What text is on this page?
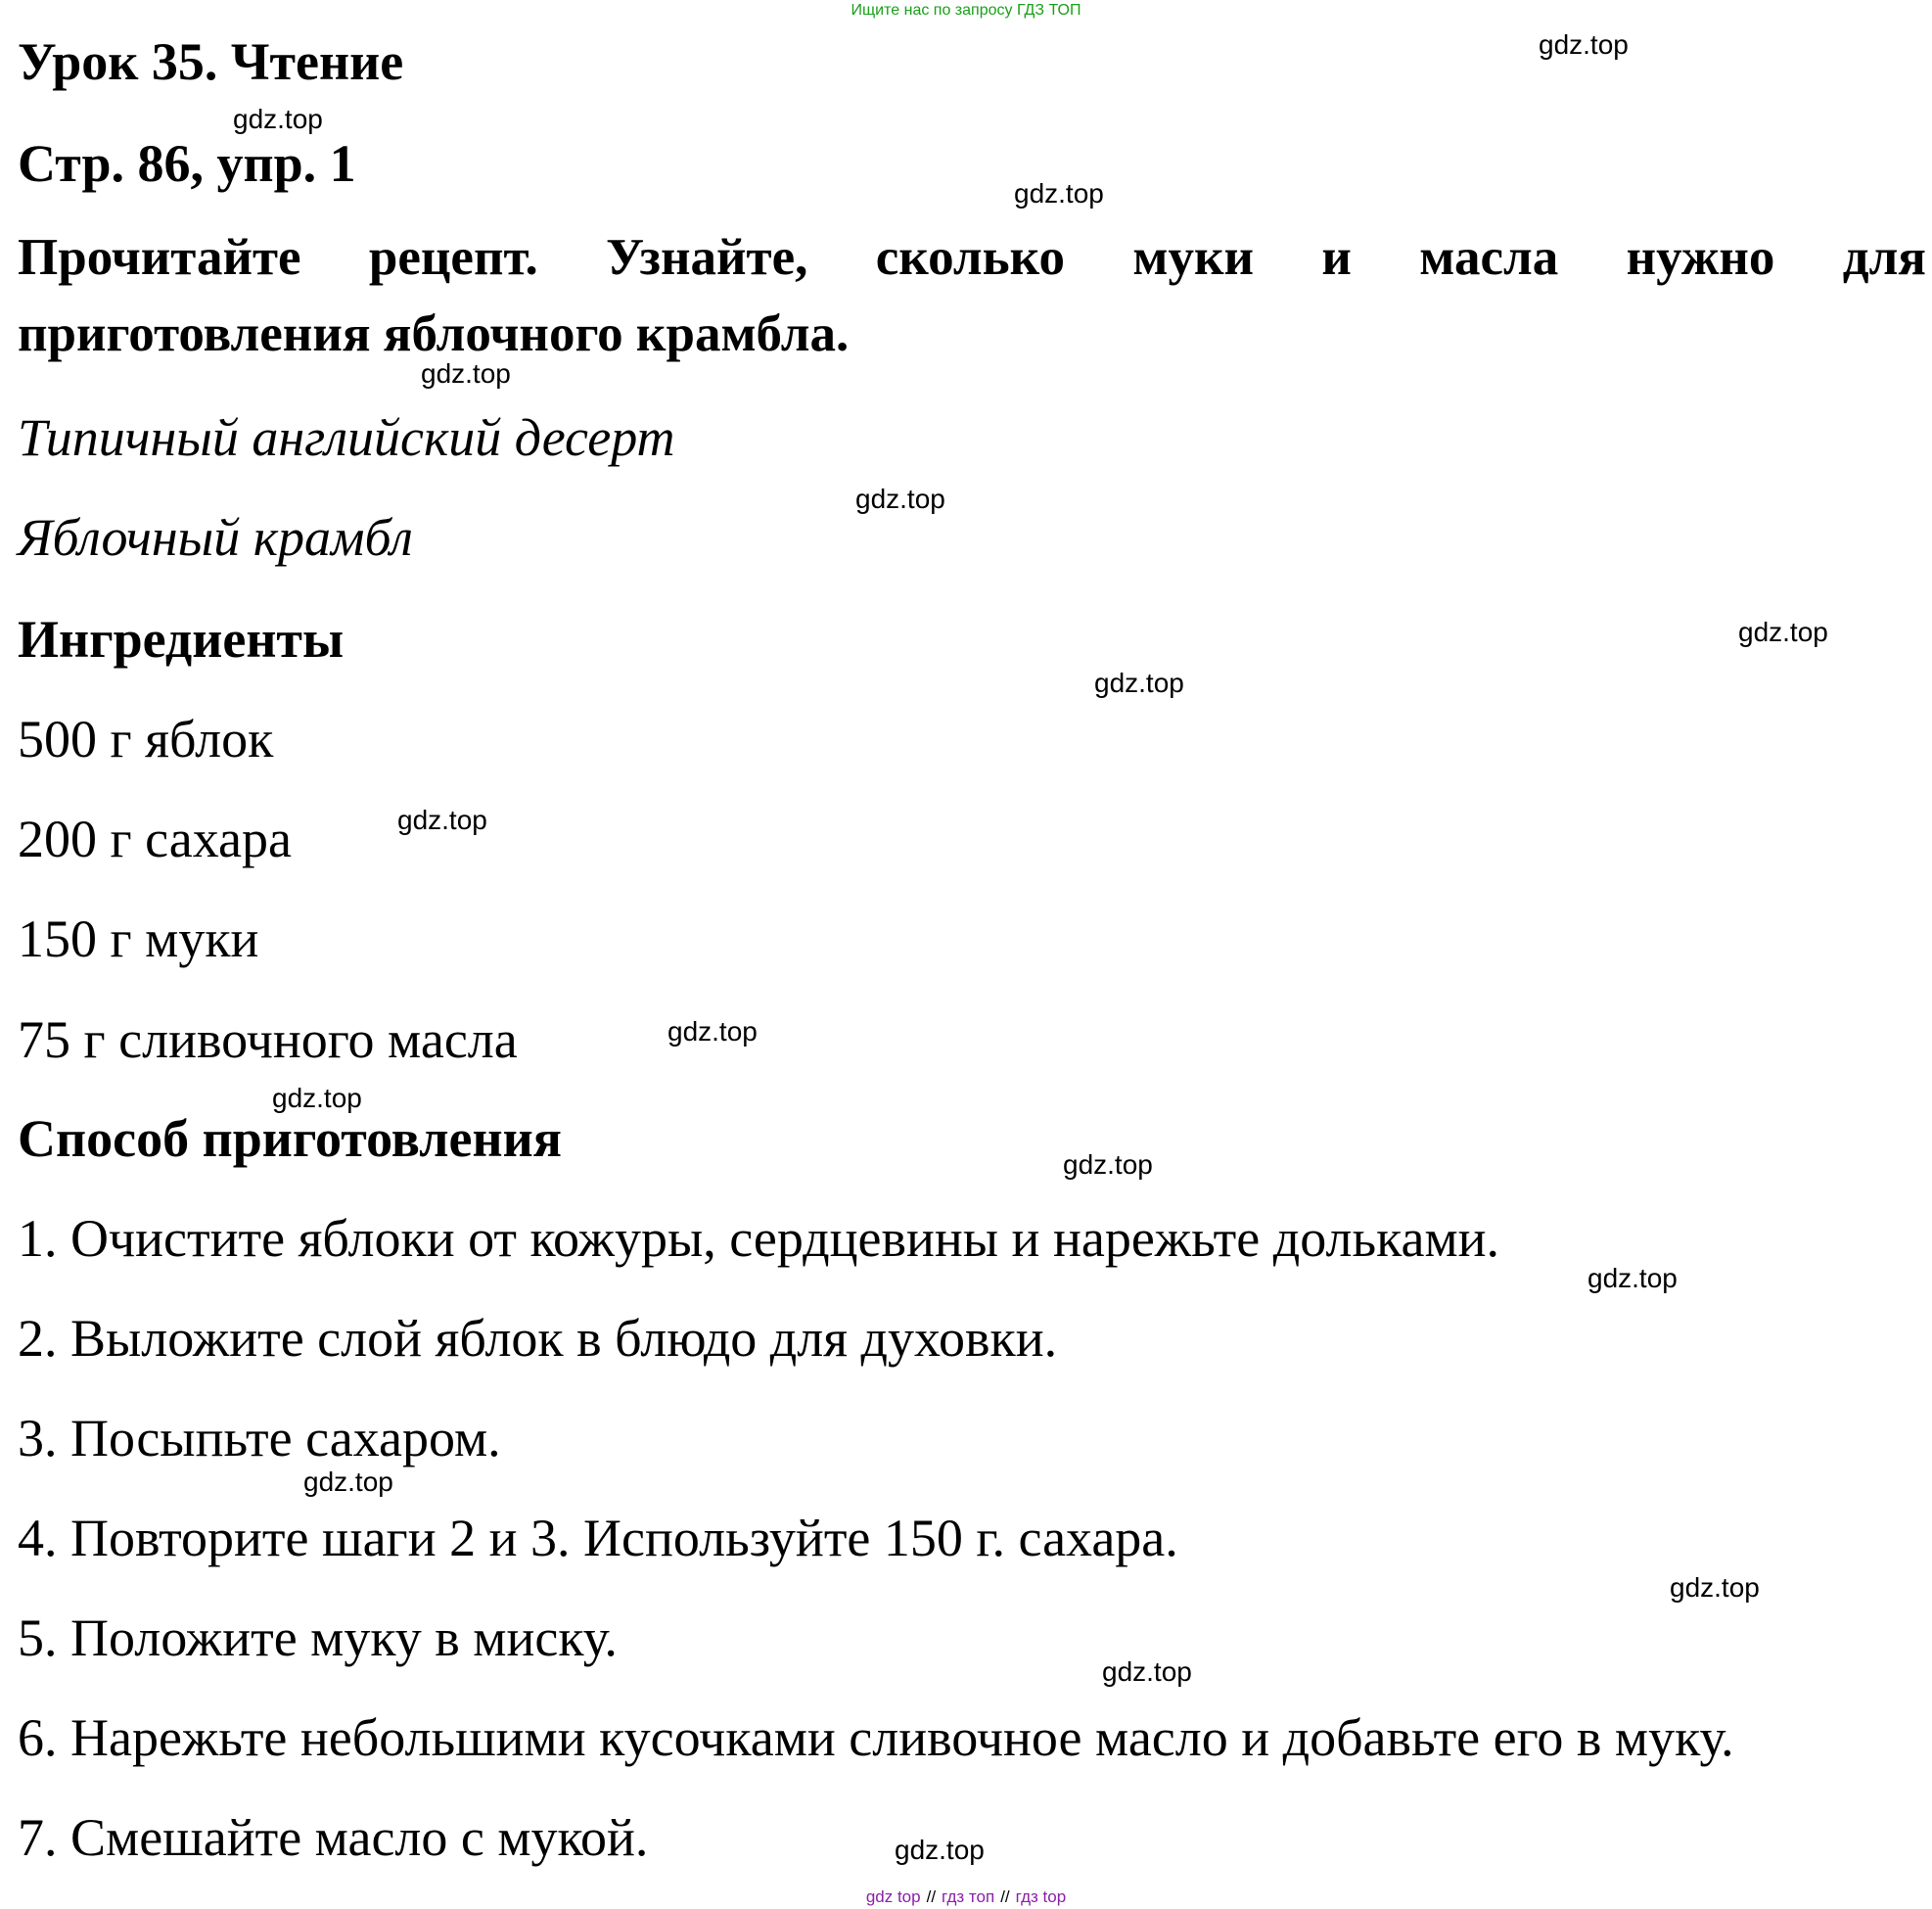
Ищите нас по запросу ГДЗ ТОП
Урок 35. Чтение
Стр. 86, упр. 1
Прочитайте рецепт. Узнайте, сколько муки и масла нужно для
приготовления яблочного крамбла.
Типичный английский десерт
Яблочный крамбл
Ингредиенты
500 г яблок
200 г сахара
150 г муки
75 г сливочного масла
Способ приготовления
1. Очистите яблоки от кожуры, сердцевины и нарежьте дольками.
2. Выложите слой яблок в блюдо для духовки.
3. Посыпьте сахаром.
4. Повторите шаги 2 и 3. Используйте 150 г. сахара.
5. Положите муку в миску.
6. Нарежьте небольшими кусочками сливочное масло и добавьте его в муку.
7. Смешайте масло с мукой.
gdz.top
gdz.top
gdz.top
gdz.top
gdz.top
gdz.top
gdz.top
gdz.top
gdz.top
gdz.top
gdz.top
gdz.top
gdz.top
gdz.top
gdz.top
gdz.top
gdz top // гдз топ // гдз top
